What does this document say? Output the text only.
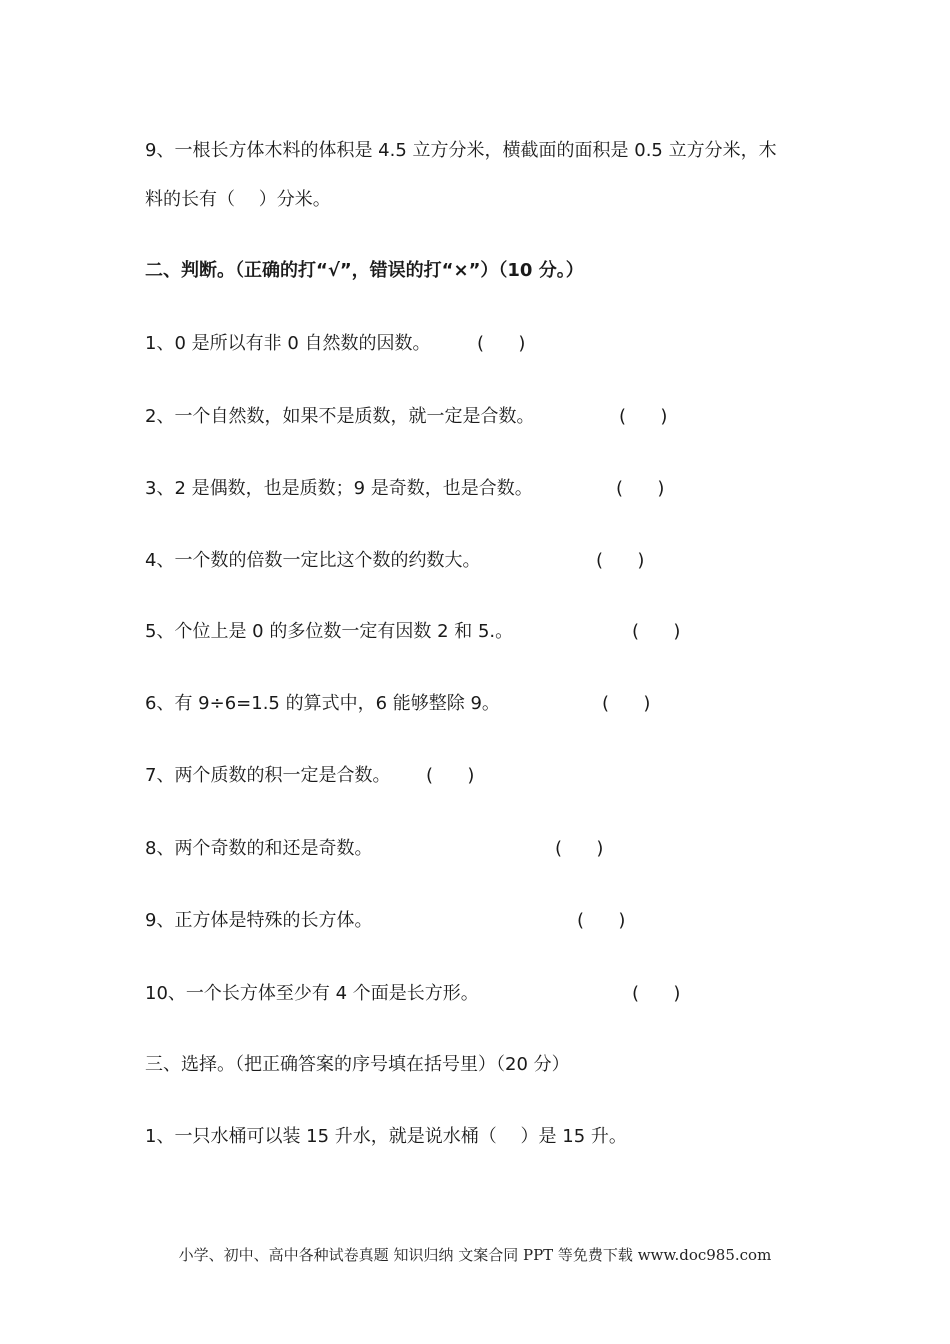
9、一根长方体木料的体积是 4.5 立方分米，横截面的面积是 0.5 立方分米，木
料的长有（　 ）分米。
二、判断。（正确的打“√”，错误的打“×”）（10 分。）
1、0 是所以有非 0 自然数的因数。	(      )
2、一个自然数，如果不是质数，就一定是合数。	(      )
3、2 是偶数，也是质数；9 是奇数，也是合数。	(      )
4、一个数的倍数一定比这个数的约数大。	(      )
5、个位上是 0 的多位数一定有因数 2 和 5.。	(      )
6、有 9÷6=1.5 的算式中，6 能够整除 9。	(      )
7、两个质数的积一定是合数。 (      )
8、两个奇数的和还是奇数。	(      )
9、正方体是特殊的长方体。	(      )
10、一个长方体至少有 4 个面是长方形。	(      )
三、选择。（把正确答案的序号填在括号里）（20 分）
1、一只水桶可以装 15 升水，就是说水桶（　 ）是 15 升。
小学、初中、高中各种试卷真题 知识归纳 文案合同 PPT 等免费下载 www.doc985.com
